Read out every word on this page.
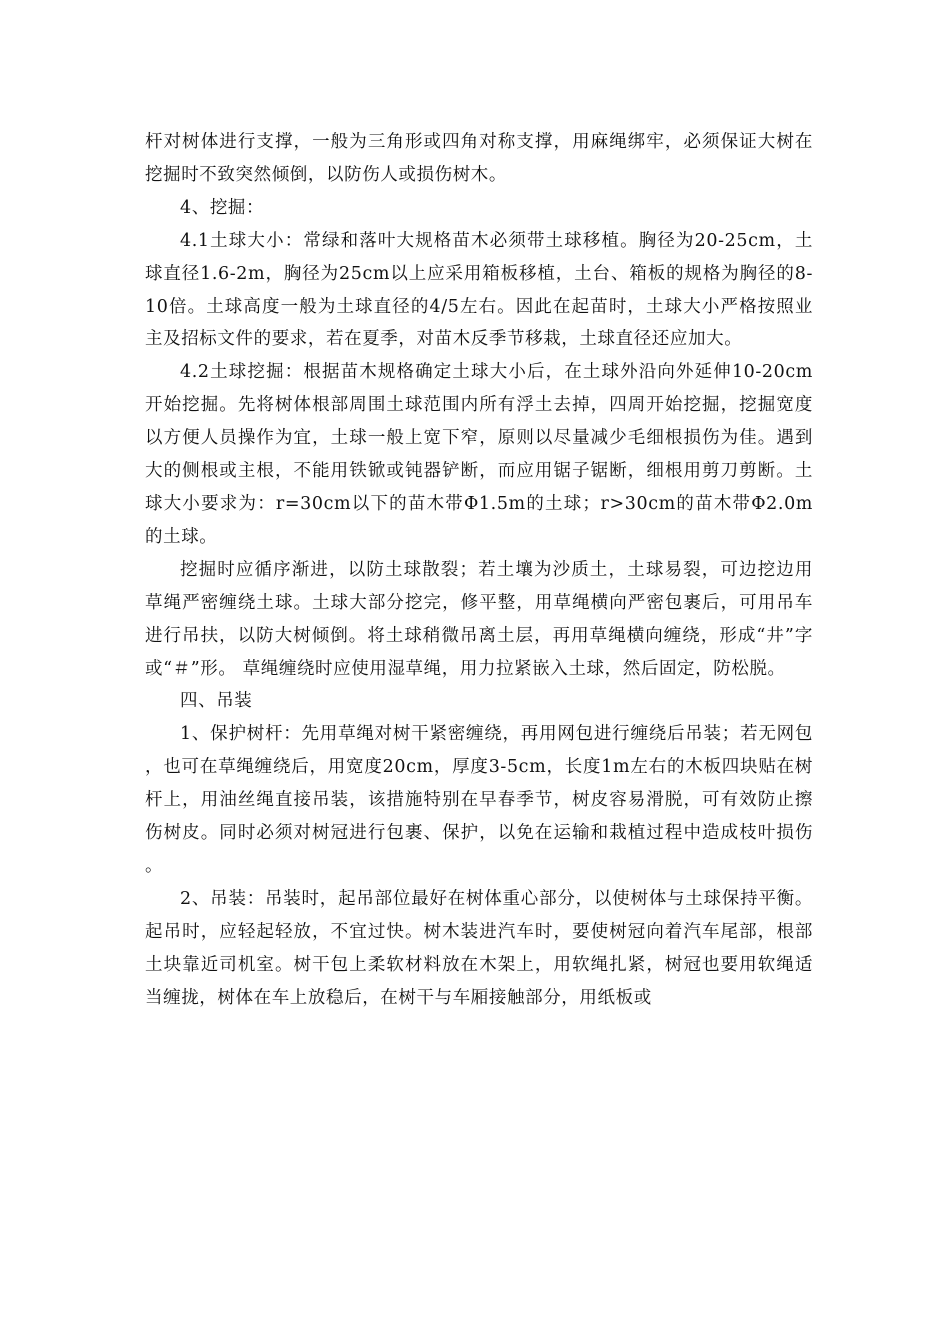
杆对树体进行支撑，一般为三角形或四角对称支撑，用麻绳绑牢，必须保证大树在挖掘时不致突然倾倒，以防伤人或损伤树木。

4、挖掘：

4.1土球大小：常绿和落叶大规格苗木必须带土球移植。胸径为20-25cm，土球直径1.6-2m，胸径为25cm以上应采用箱板移植，土台、箱板的规格为胸径的8-10倍。土球高度一般为土球直径的4/5左右。因此在起苗时，土球大小严格按照业主及招标文件的要求，若在夏季，对苗木反季节移栽，土球直径还应加大。

4.2土球挖掘：根据苗木规格确定土球大小后，在土球外沿向外延伸10-20cm开始挖掘。先将树体根部周围土球范围内所有浮土去掉，四周开始挖掘，挖掘宽度以方便人员操作为宜，土球一般上宽下窄，原则以尽量减少毛细根损伤为佳。遇到大的侧根或主根，不能用铁锨或钝器铲断，而应用锯子锯断，细根用剪刀剪断。土球大小要求为：r=30cm以下的苗木带Φ1.5m的土球；r>30cm的苗木带Φ2.0m的土球。

挖掘时应循序渐进，以防土球散裂；若土壤为沙质土，土球易裂，可边挖边用草绳严密缠绕土球。土球大部分挖完，修平整，用草绳横向严密包裹后，可用吊车进行吊扶，以防大树倾倒。将土球稍微吊离土层，再用草绳横向缠绕，形成“井”字或“＃”形。 草绳缠绕时应使用湿草绳，用力拉紧嵌入土球，然后固定，防松脱。

四、吊装

1、保护树杆：先用草绳对树干紧密缠绕，再用网包进行缠绕后吊装；若无网包，也可在草绳缠绕后，用宽度20cm，厚度3-5cm，长度1m左右的木板四块贴在树杆上，用油丝绳直接吊装，该措施特别在早春季节，树皮容易滑脱，可有效防止擦伤树皮。同时必须对树冠进行包裹、保护，以免在运输和栽植过程中造成枝叶损伤。

2、吊装：吊装时，起吊部位最好在树体重心部分，以使树体与土球保持平衡。起吊时，应轻起轻放，不宜过快。树木装进汽车时，要使树冠向着汽车尾部，根部土块靠近司机室。树干包上柔软材料放在木架上，用软绳扎紧，树冠也要用软绳适当缠拢，树体在车上放稳后，在树干与车厢接触部分，用纸板或
